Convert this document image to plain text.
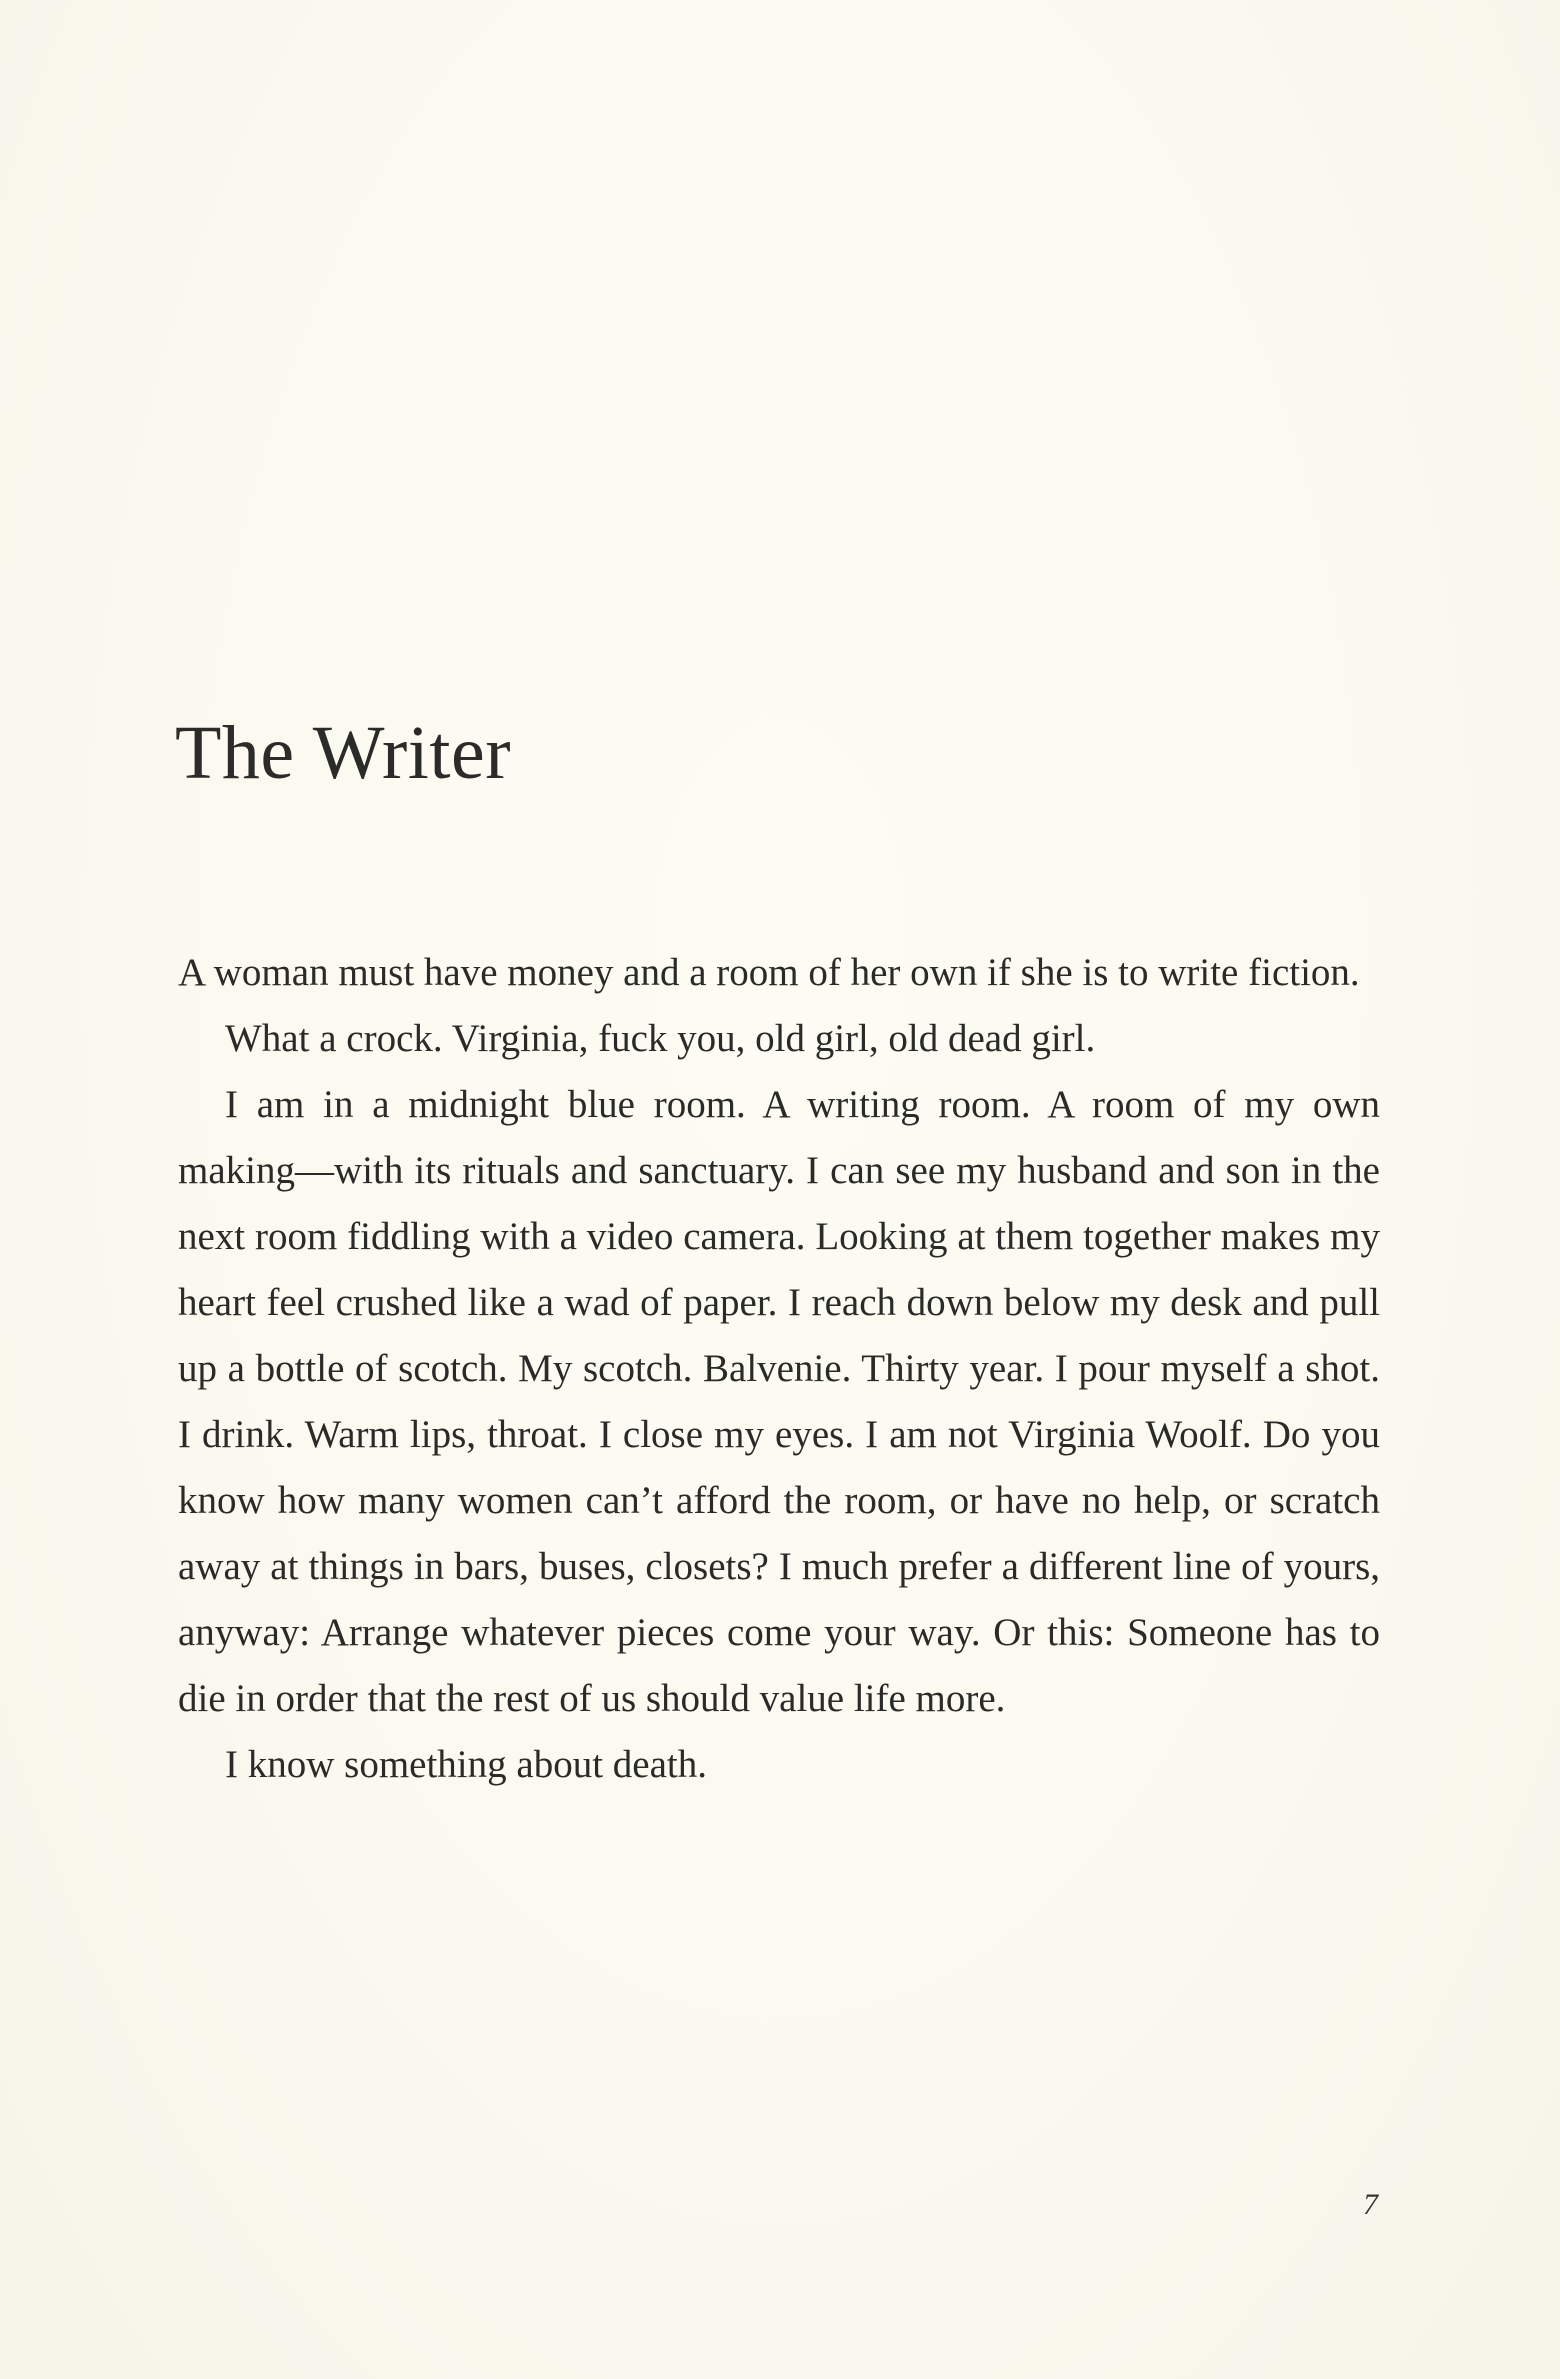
The Writer

A woman must have money and a room of her own if she is to write fiction.

What a crock. Virginia, fuck you, old girl, old dead girl.

I am in a midnight blue room. A writing room. A room of my own making—with its rituals and sanctuary. I can see my husband and son in the next room fiddling with a video camera. Looking at them together makes my heart feel crushed like a wad of paper. I reach down below my desk and pull up a bottle of scotch. My scotch. Balvenie. Thirty year. I pour myself a shot. I drink. Warm lips, throat. I close my eyes. I am not Virginia Woolf. Do you know how many women can’t afford the room, or have no help, or scratch away at things in bars, buses, closets? I much prefer a different line of yours, anyway: Arrange whatever pieces come your way. Or this: Someone has to die in order that the rest of us should value life more.

I know something about death.

7
